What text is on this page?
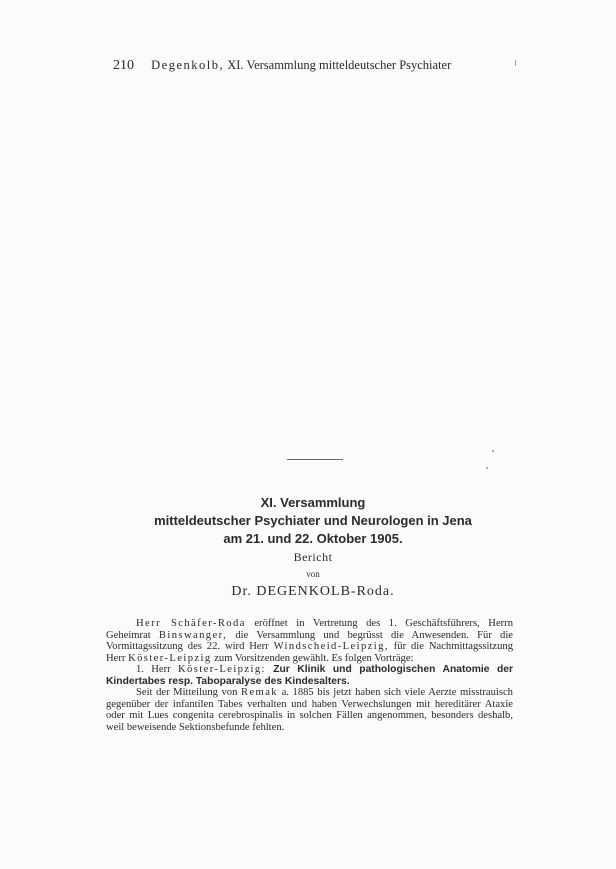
210 Degenkolb, XI. Versammlung mitteldeutscher Psychiater
XI. Versammlung
mitteldeutscher Psychiater und Neurologen in Jena
am 21. und 22. Oktober 1905.
Bericht
von
Dr. DEGENKOLB-Roda.

Herr Schäfer-Roda eröffnet in Vertretung des 1. Geschäftsführers, Herrn Geheimrat Binswanger, die Versammlung und begrüsst die Anwesenden. Für die Vormittagssitzung des 22. wird Herr Windscheid-Leipzig, für die Nachmittagssitzung Herr Köster-Leipzig zum Vorsitzenden gewählt. Es folgen Vorträge:

1. Herr Köster-Leipzig: Zur Klinik und pathologischen Anatomie der Kindertabes resp. Taboparalyse des Kindesalters.

Seit der Mitteilung von Remak a. 1885 bis jetzt haben sich viele Aerzte misstrauisch gegenüber der infantilen Tabes verhalten und haben Verwechslungen mit hereditärer Ataxie oder mit Lues congenita cerebrospinalis in solchen Fällen angenommen, besonders deshalb, weil beweisende Sektionsbefunde fehlten.
